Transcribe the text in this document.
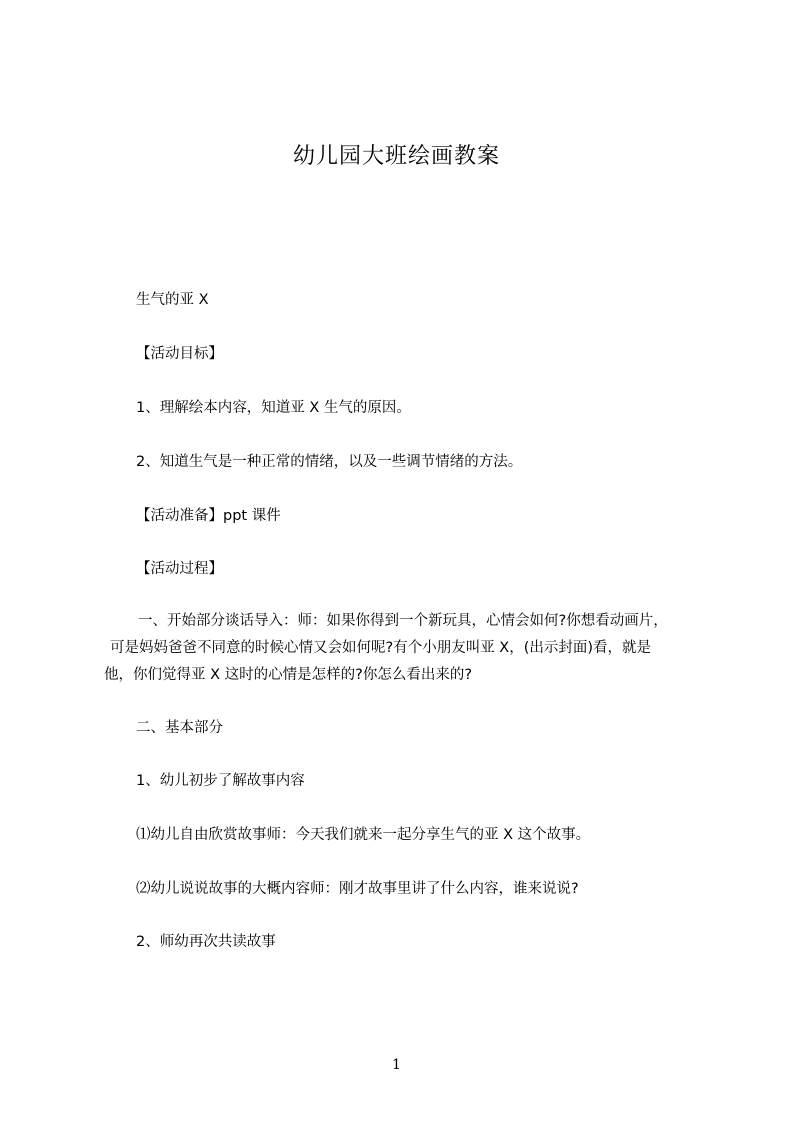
幼儿园大班绘画教案
生气的亚 X
【活动目标】
1、理解绘本内容，知道亚 X 生气的原因。
2、知道生气是一种正常的情绪，以及一些调节情绪的方法。
【活动准备】ppt 课件
【活动过程】
一、开始部分谈话导入：师：如果你得到一个新玩具，心情会如何?你想看动画片，
可是妈妈爸爸不同意的时候心情又会如何呢?有个小朋友叫亚 X，(出示封面)看，就是
他，你们觉得亚 X 这时的心情是怎样的?你怎么看出来的?
二、基本部分
1、幼儿初步了解故事内容
⑴幼儿自由欣赏故事师：今天我们就来一起分享生气的亚 X 这个故事。
⑵幼儿说说故事的大概内容师：刚才故事里讲了什么内容，谁来说说?
2、师幼再次共读故事
1
